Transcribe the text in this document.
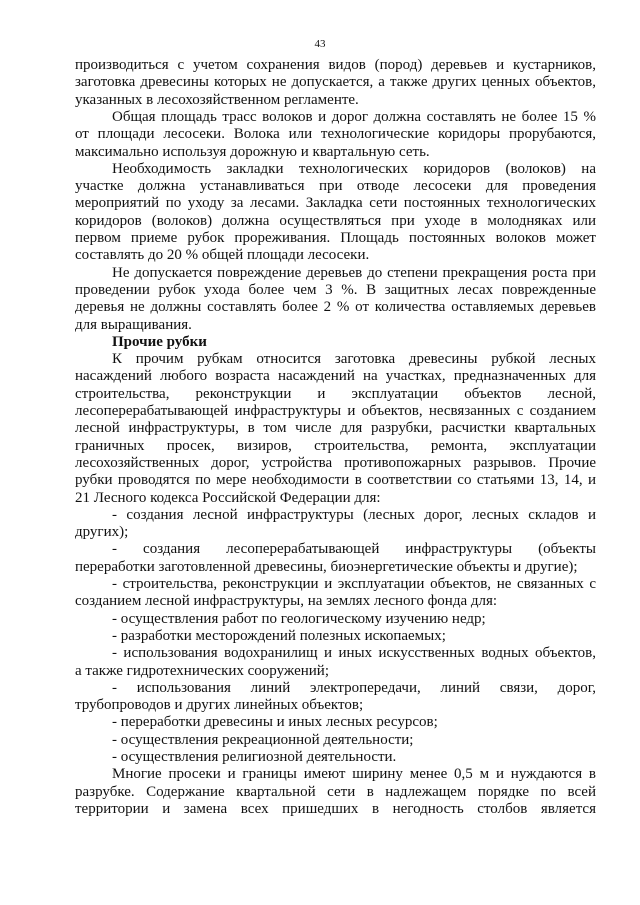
43
производиться с учетом сохранения видов (пород) деревьев и кустарников,
заготовка древесины которых не допускается, а также других ценных объектов,
указанных в лесохозяйственном регламенте.
Общая площадь трасс волоков и дорог должна составлять не более 15 %
от площади лесосеки. Волока или технологические коридоры прорубаются,
максимально используя дорожную и квартальную сеть.
Необходимость закладки технологических коридоров (волоков) на
участке должна устанавливаться при отводе лесосеки для проведения
мероприятий по уходу за лесами. Закладка сети постоянных технологических
коридоров (волоков) должна осуществляться при уходе в молодняках или
первом приеме рубок прореживания. Площадь постоянных волоков может
составлять до 20 % общей площади лесосеки.
Не допускается повреждение деревьев до степени прекращения роста при
проведении рубок ухода более чем 3 %. В защитных лесах поврежденные
деревья не должны составлять более 2 % от количества оставляемых деревьев
для выращивания.
Прочие рубки
К прочим рубкам относится заготовка древесины рубкой лесных
насаждений любого возраста насаждений на участках, предназначенных для
строительства, реконструкции и эксплуатации объектов лесной,
лесоперерабатывающей инфраструктуры и объектов, несвязанных с созданием
лесной инфраструктуры, в том числе для разрубки, расчистки квартальных
граничных просек, визиров, строительства, ремонта, эксплуатации
лесохозяйственных дорог, устройства противопожарных разрывов. Прочие
рубки проводятся по мере необходимости в соответствии со статьями 13, 14, и
21 Лесного кодекса Российской Федерации для:
- создания лесной инфраструктуры (лесных дорог, лесных складов и
других);
- создания лесоперерабатывающей инфраструктуры (объекты
переработки заготовленной древесины, биоэнергетические объекты и другие);
- строительства, реконструкции и эксплуатации объектов, не связанных с
созданием лесной инфраструктуры, на землях лесного фонда для:
- осуществления работ по геологическому изучению недр;
- разработки месторождений полезных ископаемых;
- использования водохранилищ и иных искусственных водных объектов,
а также гидротехнических сооружений;
- использования линий электропередачи, линий связи, дорог,
трубопроводов и других линейных объектов;
- переработки древесины и иных лесных ресурсов;
- осуществления рекреационной деятельности;
- осуществления религиозной деятельности.
Многие просеки и границы имеют ширину менее 0,5 м и нуждаются в
разрубке. Содержание квартальной сети в надлежащем порядке по всей
территории и замена всех пришедших в негодность столбов является
